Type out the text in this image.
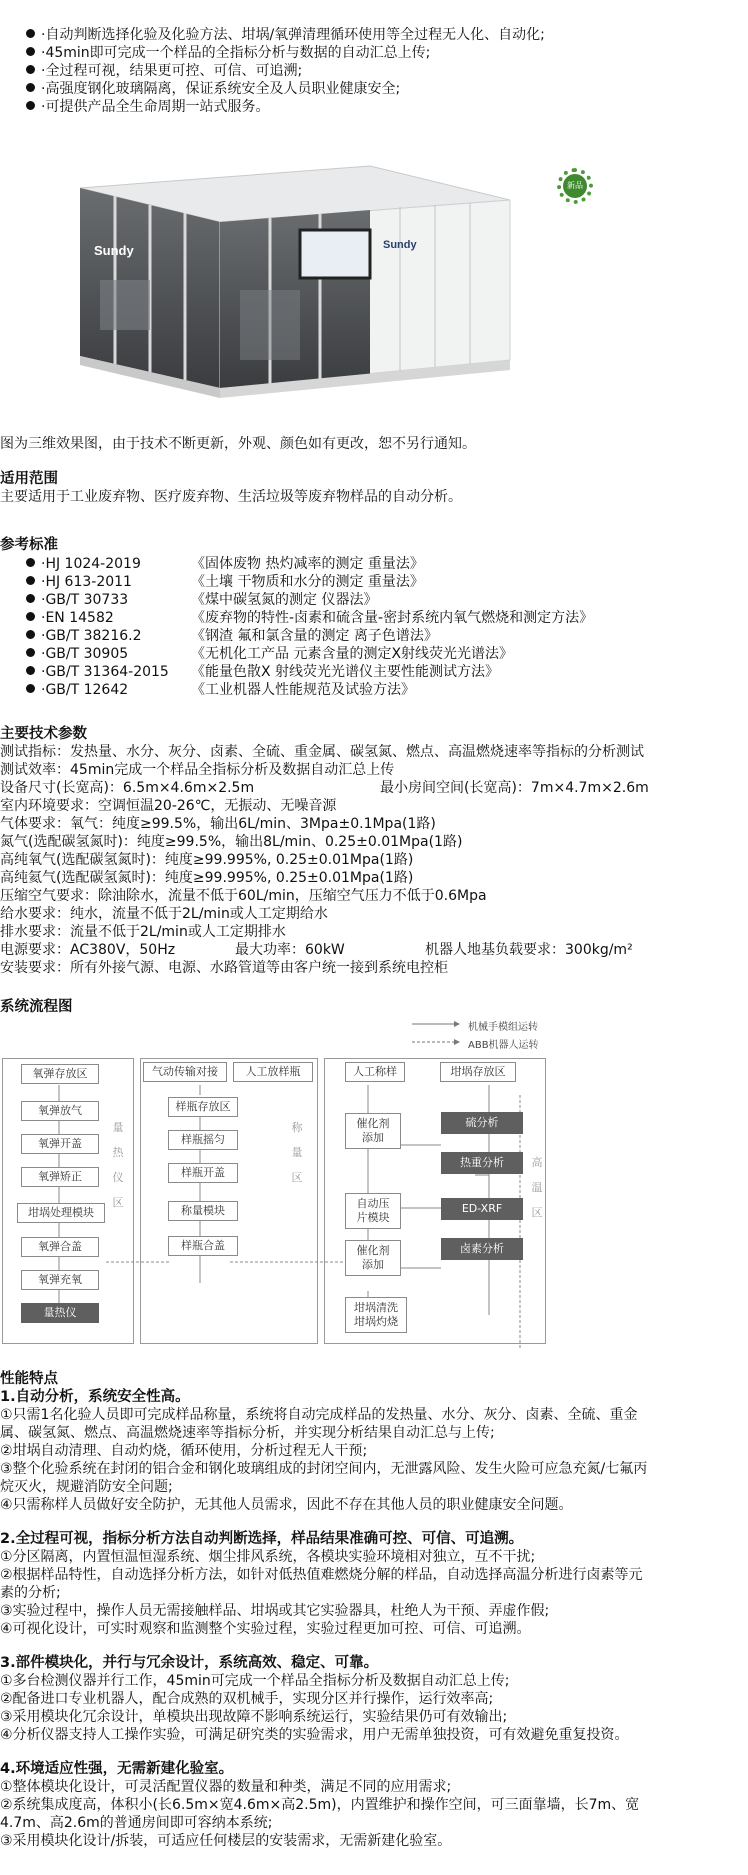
·自动判断选择化验及化验方法、坩埚/氧弹清理循环使用等全过程无人化、自动化;
·45min即可完成一个样品的全指标分析与数据的自动汇总上传;
·全过程可视，结果更可控、可信、可追溯;
·高强度钢化玻璃隔离，保证系统安全及人员职业健康安全;
·可提供产品全生命周期一站式服务。
Sundy	Sundy
新品
图为三维效果图，由于技术不断更新，外观、颜色如有更改，恕不另行通知。
适用范围
主要适用于工业废弃物、医疗废弃物、生活垃圾等废弃物样品的自动分析。
参考标准
·HJ 1024-2019	《固体废物 热灼减率的测定 重量法》
·HJ 613-2011	《土壤 干物质和水分的测定 重量法》
·GB/T 30733	《煤中碳氢氮的测定 仪器法》
·EN 14582	《废弃物的特性-卤素和硫含量-密封系统内氧气燃烧和测定方法》
·GB/T 38216.2	《钢渣 氟和氯含量的测定 离子色谱法》
·GB/T 30905	《无机化工产品 元素含量的测定X射线荧光光谱法》
·GB/T 31364-2015 《能量色散X 射线荧光光谱仪主要性能测试方法》
·GB/T 12642	《工业机器人性能规范及试验方法》
主要技术参数
测试指标：发热量、水分、灰分、卤素、全硫、重金属、碳氢氮、燃点、高温燃烧速率等指标的分析测试
测试效率：45min完成一个样品全指标分析及数据自动汇总上传
设备尺寸(长宽高)：6.5m×4.6m×2.5m	最小房间空间(长宽高)：7m×4.7m×2.6m
室内环境要求：空调恒温20-26℃，无振动、无噪音源
气体要求：氧气：纯度≥99.5%，输出6L/min、3Mpa±0.1Mpa(1路)
氮气(选配碳氢氮时)：纯度≥99.5%，输出8L/min、0.25±0.01Mpa(1路)
高纯氧气(选配碳氢氮时)：纯度≥99.995%, 0.25±0.01Mpa(1路)
高纯氦气(选配碳氢氮时)：纯度≥99.995%, 0.25±0.01Mpa(1路)
压缩空气要求：除油除水，流量不低于60L/min，压缩空气压力不低于0.6Mpa
给水要求：纯水，流量不低于2L/min或人工定期给水
排水要求：流量不低于2L/min或人工定期排水
电源要求：AC380V，50Hz	最大功率：60kW	机器人地基负载要求：300kg/m²
安装要求：所有外接气源、电源、水路管道等由客户统一接到系统电控柜
系统流程图
机械手模组运转
ABB机器人运转
氧弹存放区
氧弹放气
氧弹开盖
氧弹矫正
坩埚处理模块
氧弹合盖
氧弹充氧
量热仪
量热仪区
气动传输对接	人工放样瓶
样瓶存放区
样瓶摇匀
样瓶开盖
称量模块
样瓶合盖
称量区
人工称样	坩埚存放区
催化剂
添加
自动压
片模块
催化剂
添加
坩埚清洗
坩埚灼烧
硫分析
热重分析
ED-XRF
卤素分析
高温区
性能特点
1.自动分析，系统安全性高。
①只需1名化验人员即可完成样品称量，系统将自动完成样品的发热量、水分、灰分、卤素、全硫、重金
属、碳氢氮、燃点、高温燃烧速率等指标分析，并实现分析结果自动汇总与上传;
②坩埚自动清理、自动灼烧，循环使用，分析过程无人干预;
③整个化验系统在封闭的铝合金和钢化玻璃组成的封闭空间内，无泄露风险、发生火险可应急充氮/七氟丙
烷灭火，规避消防安全问题;
④只需称样人员做好安全防护，无其他人员需求，因此不存在其他人员的职业健康安全问题。
2.全过程可视，指标分析方法自动判断选择，样品结果准确可控、可信、可追溯。
①分区隔离，内置恒温恒湿系统、烟尘排风系统，各模块实验环境相对独立，互不干扰;
②根据样品特性，自动选择分析方法，如针对低热值难燃烧分解的样品，自动选择高温分析进行卤素等元
素的分析;
③实验过程中，操作人员无需接触样品、坩埚或其它实验器具，杜绝人为干预、弄虚作假;
④可视化设计，可实时观察和监测整个实验过程，实验过程更加可控、可信、可追溯。
3.部件模块化，并行与冗余设计，系统高效、稳定、可靠。
①多台检测仪器并行工作，45min可完成一个样品全指标分析及数据自动汇总上传;
②配备进口专业机器人，配合成熟的双机械手，实现分区并行操作，运行效率高;
③采用模块化冗余设计，单模块出现故障不影响系统运行，实验结果仍可有效输出;
④分析仪器支持人工操作实验，可满足研究类的实验需求，用户无需单独投资，可有效避免重复投资。
4.环境适应性强，无需新建化验室。
①整体模块化设计，可灵活配置仪器的数量和种类，满足不同的应用需求;
②系统集成度高，体积小(长6.5m×宽4.6m×高2.5m)，内置维护和操作空间，可三面靠墙，长7m、宽
4.7m、高2.6m的普通房间即可容纳本系统;
③采用模块化设计/拆装，可适应任何楼层的安装需求，无需新建化验室。
